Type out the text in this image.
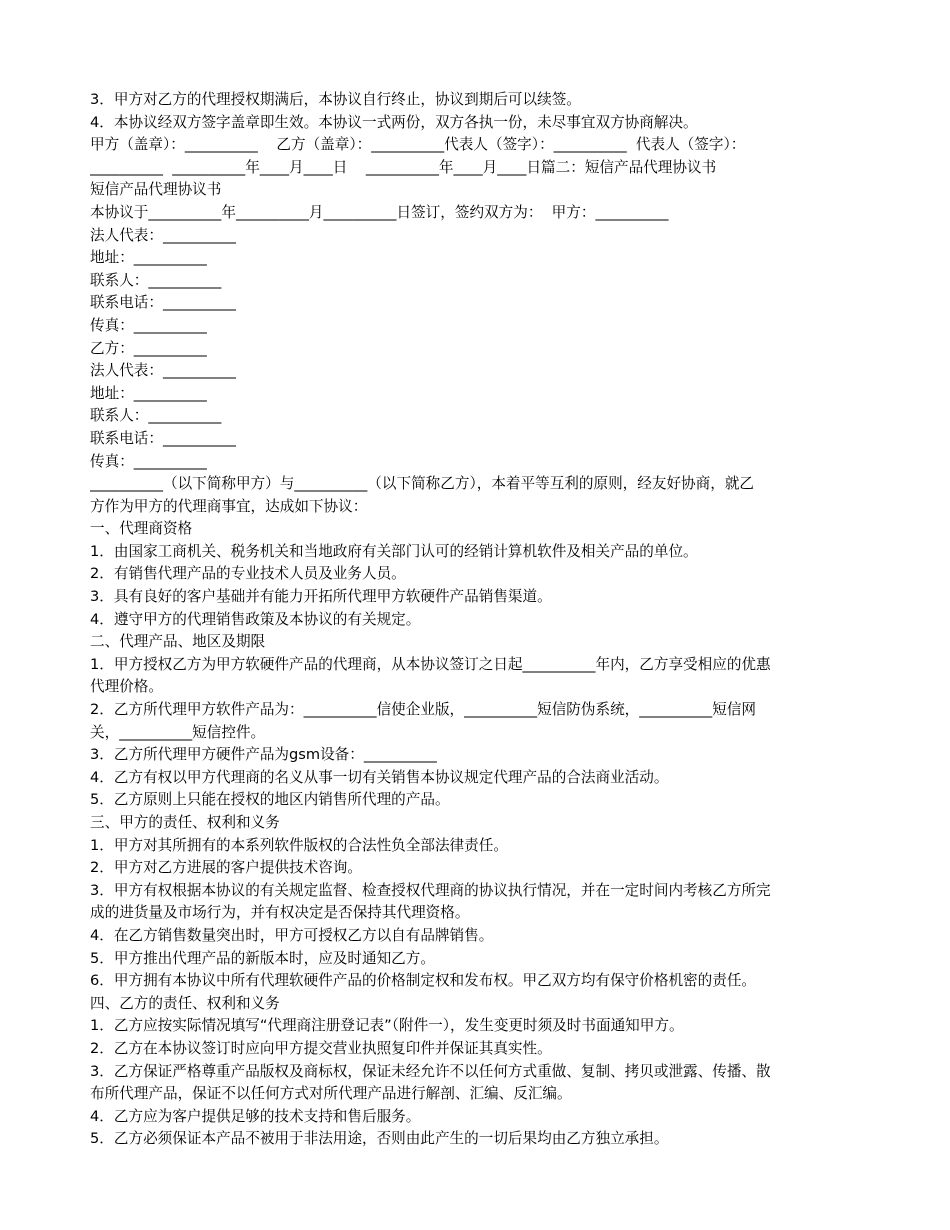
3．甲方对乙方的代理授权期满后，本协议自行终止，协议到期后可以续签。
4．本协议经双方签字盖章即生效。本协议一式两份，双方各执一份，未尽事宜双方协商解决。
甲方（盖章）：__________    乙方（盖章）：__________代表人（签字）：__________  代表人（签字）：
__________  __________年____月____日    __________年____月____日篇二：短信产品代理协议书
短信产品代理协议书
本协议于__________年__________月__________日签订，签约双方为：  甲方：__________
法人代表：__________
地址：__________
联系人：__________
联系电话：__________
传真：__________
乙方：__________
法人代表：__________
地址：__________
联系人：__________
联系电话：__________
传真：__________
__________（以下简称甲方）与__________（以下简称乙方），本着平等互利的原则，经友好协商，就乙
方作为甲方的代理商事宜，达成如下协议：
一、代理商资格
1．由国家工商机关、税务机关和当地政府有关部门认可的经销计算机软件及相关产品的单位。
2．有销售代理产品的专业技术人员及业务人员。
3．具有良好的客户基础并有能力开拓所代理甲方软硬件产品销售渠道。
4．遵守甲方的代理销售政策及本协议的有关规定。
二、代理产品、地区及期限
1．甲方授权乙方为甲方软硬件产品的代理商，从本协议签订之日起__________年内，乙方享受相应的优惠
代理价格。
2．乙方所代理甲方软件产品为：__________信使企业版，__________短信防伪系统，__________短信网
关，__________短信控件。
3．乙方所代理甲方硬件产品为gsm设备：__________
4．乙方有权以甲方代理商的名义从事一切有关销售本协议规定代理产品的合法商业活动。
5．乙方原则上只能在授权的地区内销售所代理的产品。
三、甲方的责任、权利和义务
1．甲方对其所拥有的本系列软件版权的合法性负全部法律责任。
2．甲方对乙方进展的客户提供技术咨询。
3．甲方有权根据本协议的有关规定监督、检查授权代理商的协议执行情况，并在一定时间内考核乙方所完
成的进货量及市场行为，并有权决定是否保持其代理资格。
4．在乙方销售数量突出时，甲方可授权乙方以自有品牌销售。
5．甲方推出代理产品的新版本时，应及时通知乙方。
6．甲方拥有本协议中所有代理软硬件产品的价格制定权和发布权。甲乙双方均有保守价格机密的责任。
四、乙方的责任、权利和义务
1．乙方应按实际情况填写“代理商注册登记表”（附件一），发生变更时须及时书面通知甲方。
2．乙方在本协议签订时应向甲方提交营业执照复印件并保证其真实性。
3．乙方保证严格尊重产品版权及商标权，保证未经允许不以任何方式重做、复制、拷贝或泄露、传播、散
布所代理产品，保证不以任何方式对所代理产品进行解剖、汇编、反汇编。
4．乙方应为客户提供足够的技术支持和售后服务。
5．乙方必须保证本产品不被用于非法用途，否则由此产生的一切后果均由乙方独立承担。
